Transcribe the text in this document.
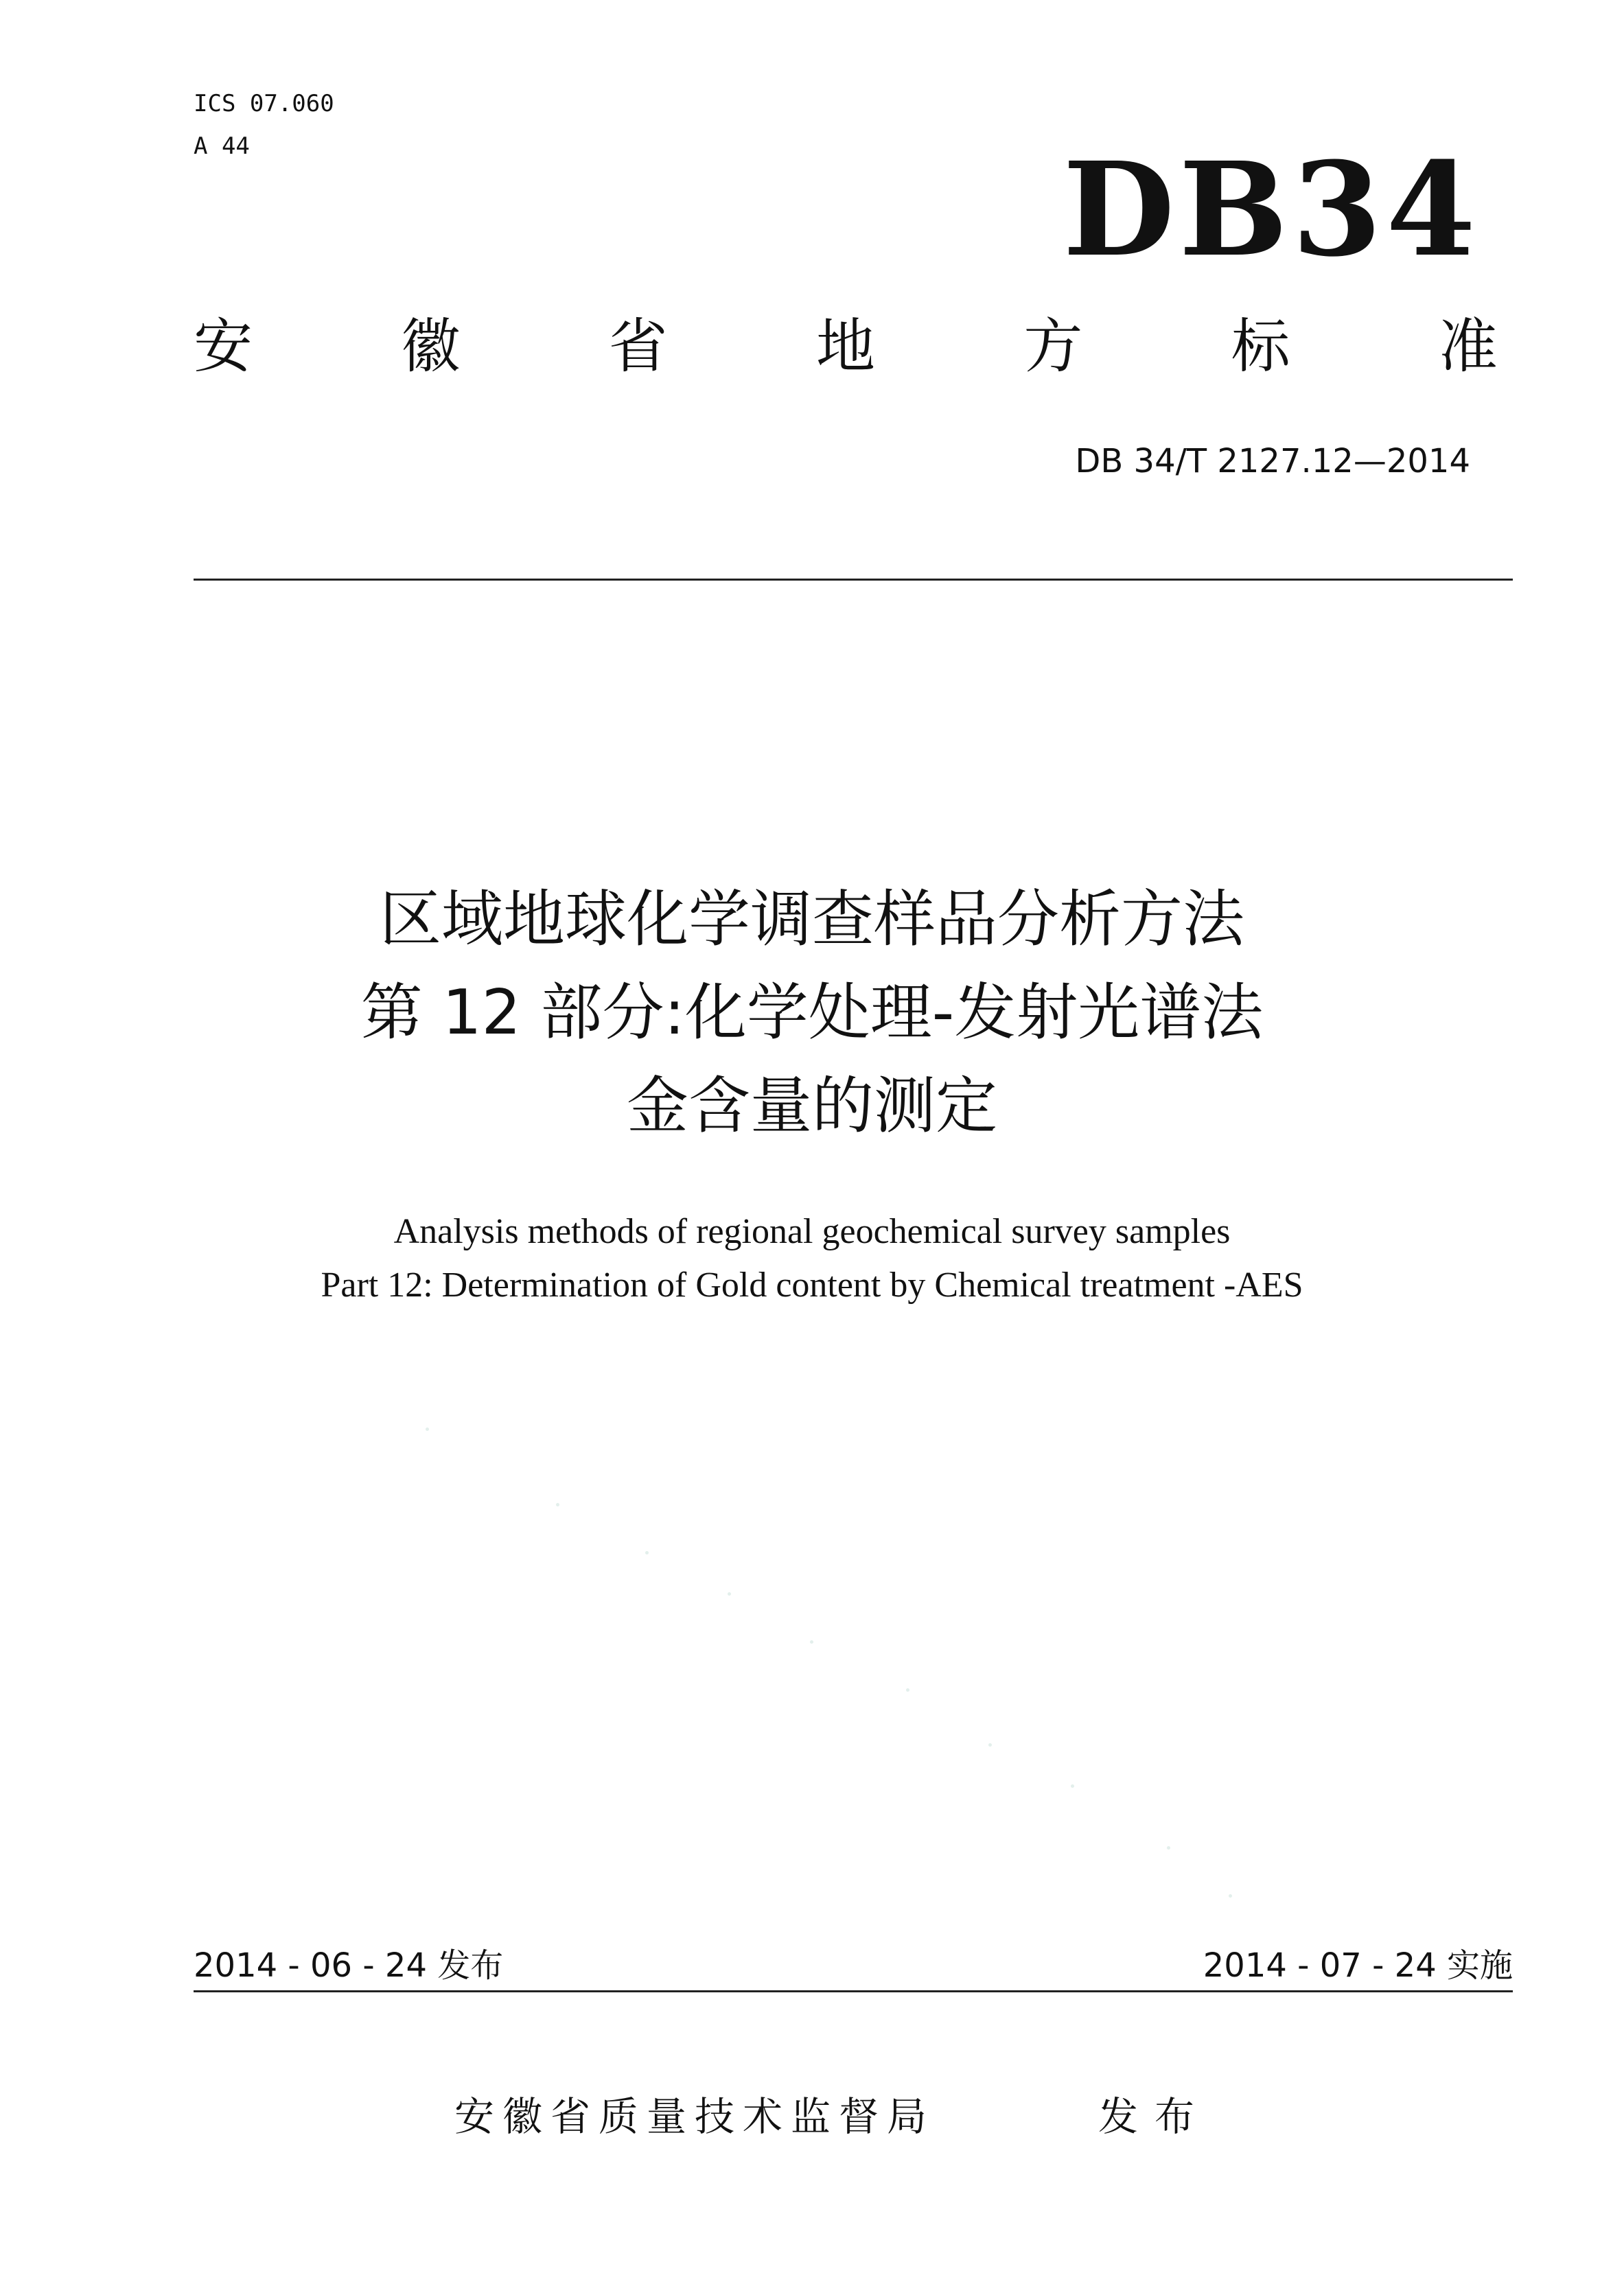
ICS 07.060
A 44	DB34
安	徽	省	地	方	标	准
DB 34/T 2127.12—2014
区域地球化学调查样品分析方法
第 12 部分:化学处理-发射光谱法
金含量的测定
Analysis methods of regional geochemical survey samples
Part 12: Determination of Gold content by Chemical treatment -AES
2014 - 06 - 24 发布	2014 - 07 - 24 实施
安徽省质量技术监督局	发布
